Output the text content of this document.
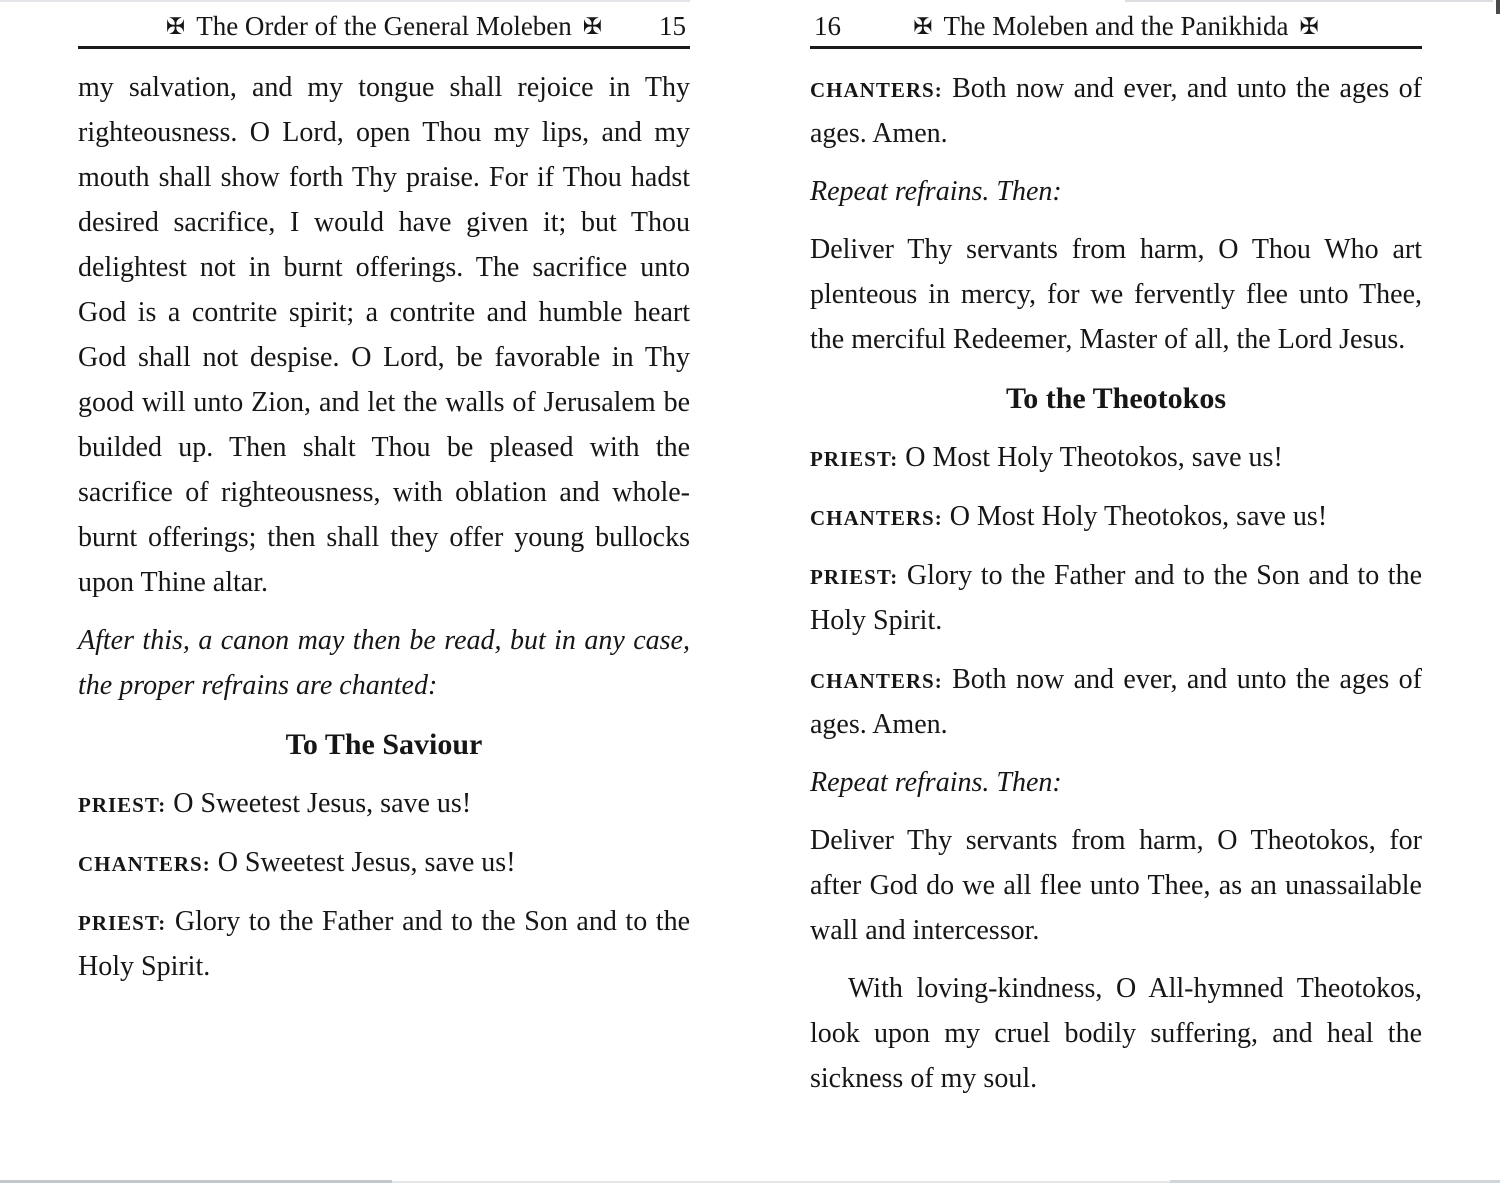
✠ The Order of the General Moleben ✠ 15

my salvation, and my tongue shall rejoice in Thy righteousness. O Lord, open Thou my lips, and my mouth shall show forth Thy praise. For if Thou hadst desired sacrifice, I would have given it; but Thou delightest not in burnt offerings. The sacrifice unto God is a contrite spirit; a contrite and humble heart God shall not despise. O Lord, be favorable in Thy good will unto Zion, and let the walls of Jerusalem be builded up. Then shalt Thou be pleased with the sacrifice of righteousness, with oblation and whole-burnt offerings; then shall they offer young bullocks upon Thine altar.

After this, a canon may then be read, but in any case, the proper refrains are chanted:

To The Saviour

PRIEST: O Sweetest Jesus, save us!

CHANTERS: O Sweetest Jesus, save us!

PRIEST: Glory to the Father and to the Son and to the Holy Spirit.

✠ The Moleben and the Panikhida ✠
16

CHANTERS: Both now and ever, and unto the ages of ages. Amen.

Repeat refrains. Then:

Deliver Thy servants from harm, O Thou Who art plenteous in mercy, for we fervently flee unto Thee, the merciful Redeemer, Master of all, the Lord Jesus.

To the Theotokos

PRIEST: O Most Holy Theotokos, save us!

CHANTERS: O Most Holy Theotokos, save us!

PRIEST: Glory to the Father and to the Son and to the Holy Spirit.

CHANTERS: Both now and ever, and unto the ages of ages. Amen.

Repeat refrains. Then:

Deliver Thy servants from harm, O Theotokos, for after God do we all flee unto Thee, as an unassailable wall and intercessor.

With loving-kindness, O All-hymned Theotokos, look upon my cruel bodily suffering, and heal the sickness of my soul.
